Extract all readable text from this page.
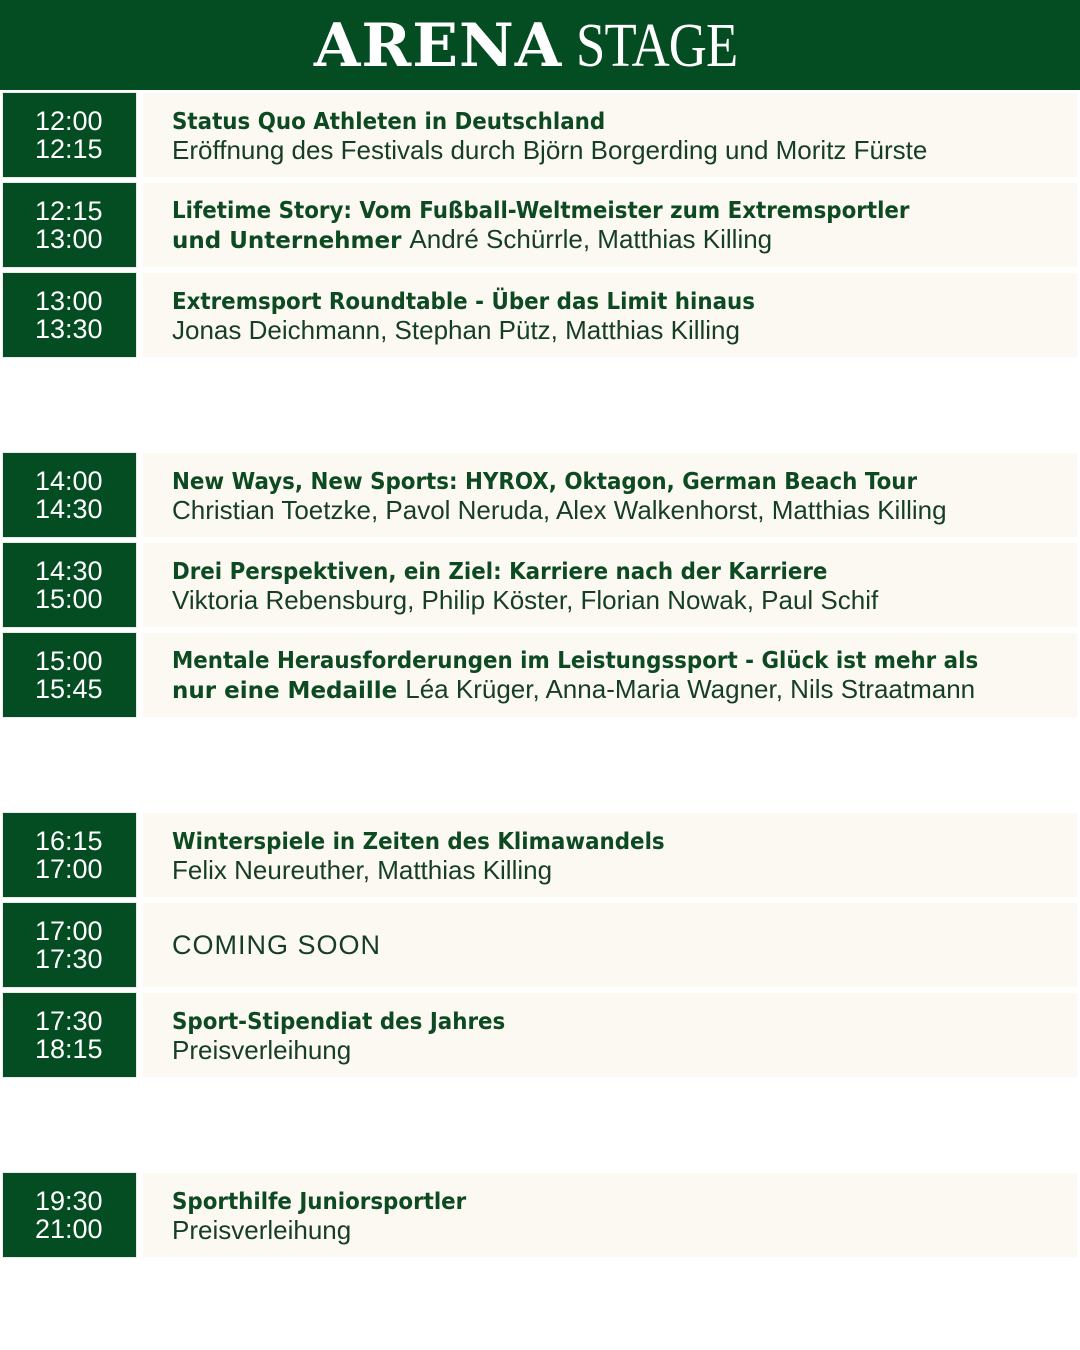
ARENA STAGE
12:00
12:15
Status Quo Athleten in Deutschland
Eröffnung des Festivals durch Björn Borgerding und Moritz Fürste
12:15
13:00
Lifetime Story: Vom Fußball-Weltmeister zum Extremsportler
und Unternehmer André Schürrle, Matthias Killing
13:00
13:30
Extremsport Roundtable - Über das Limit hinaus
Jonas Deichmann, Stephan Pütz, Matthias Killing
14:00
14:30
New Ways, New Sports: HYROX, Oktagon, German Beach Tour
Christian Toetzke, Pavol Neruda, Alex Walkenhorst, Matthias Killing
14:30
15:00
Drei Perspektiven, ein Ziel: Karriere nach der Karriere
Viktoria Rebensburg, Philip Köster, Florian Nowak, Paul Schif
15:00
15:45
Mentale Herausforderungen im Leistungssport - Glück ist mehr als
nur eine Medaille Léa Krüger, Anna-Maria Wagner, Nils Straatmann
16:15
17:00
Winterspiele in Zeiten des Klimawandels
Felix Neureuther, Matthias Killing
17:00
17:30	COMING SOON
17:30
18:15
Sport-Stipendiat des Jahres
Preisverleihung
19:30
21:00
Sporthilfe Juniorsportler
Preisverleihung
